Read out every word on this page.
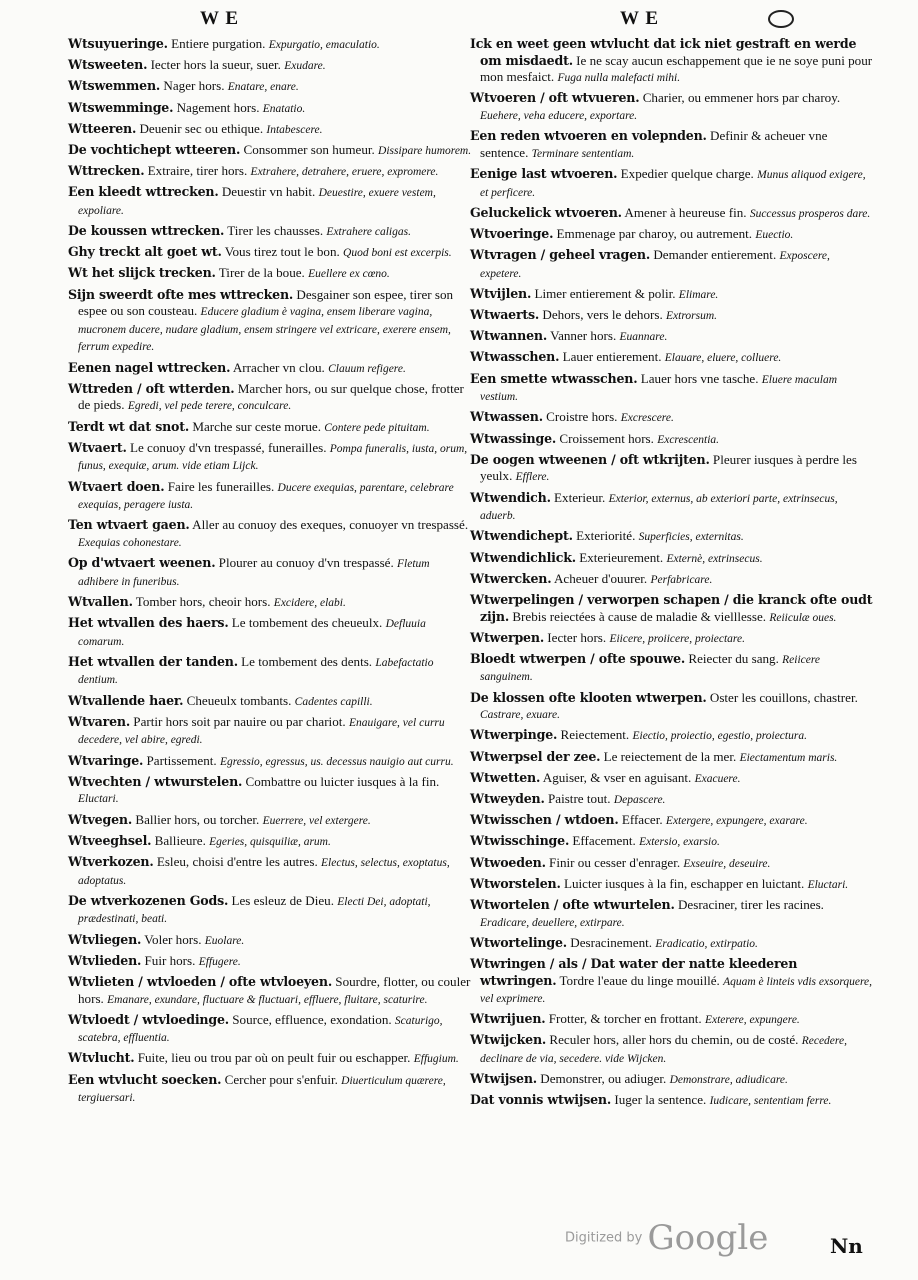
W E	W E
Wtsuyueringe. Entiere purgation. Expurgatio, emaculatio.
Wtsweeten. Iecter hors la sueur, suer. Exudare.
Wtswemmen. Nager hors. Enatare, enare.
Wtswemminge. Nagement hors. Enatatio.
Wtteeren. Deuenir sec ou ethique. Intabescere.
De vochtichept wtteeren. Consommer son humeur. Dissipare humorem.
Wttrecken. Extraire, tirer hors. Extrahere, detrahere, eruere, expromere.
Een kleedt wttrecken. Deuestir vn habit. Deuestire, exuere vestem, expoliare.
De koussen wttrecken. Tirer les chausses. Extrahere caligas.
Ghy treckt alt goet wt. Vous tirez tout le bon. Quod boni est excerpis.
Wt het slijck trecken. Tirer de la boue. Euellere ex cœno.
Sijn sweerdt ofte mes wttrecken. Desgainer son espee, tirer son espee ou son cousteau. Educere gladium è vagina, ensem liberare vagina, mucronem ducere, nudare gladium, ensem stringere vel extricare, exerere ensem, ferrum expedire.
Eenen nagel wttrecken. Arracher vn clou. Clauum refigere.
Wttreden / oft wtterden. Marcher hors, ou sur quelque chose, frotter de pieds. Egredi, vel pede terere, conculcare.
Terdt wt dat snot. Marche sur ceste morue. Contere pede pituitam.
Wtvaert. Le conuoy d'vn trespassé, funerailles. Pompa funeralis, iusta, orum, funus, exequiæ, arum. vide etiam Lijck.
Wtvaert doen. Faire les funerailles. Ducere exequias, parentare, celebrare exequias, peragere iusta.
Ten wtvaert gaen. Aller au conuoy des exeques, conuoyer vn trespassé. Exequias cohonestare.
Op d'wtvaert weenen. Plourer au conuoy d'vn trespassé. Fletum adhibere in funeribus.
Wtvallen. Tomber hors, cheoir hors. Excidere, elabi.
Het wtvallen des haers. Le tombement des cheueulx. Defluuia comarum.
Het wtvallen der tanden. Le tombement des dents. Labefactatio dentium.
Wtvallende haer. Cheueulx tombants. Cadentes capilli.
Wtvaren. Partir hors soit par nauire ou par chariot. Enauigare, vel curru decedere, vel abire, egredi.
Wtvaringe. Partissement. Egressio, egressus, us. decessus nauigio aut curru.
Wtvechten / wtwurstelen. Combattre ou luicter iusques à la fin. Eluctari.
Wtvegen. Ballier hors, ou torcher. Euerrere, vel extergere.
Wtveeghsel. Ballieure. Egeries, quisquiliæ, arum.
Wtverkozen. Esleu, choisi d'entre les autres. Electus, selectus, exoptatus, adoptatus.
De wtverkozenen Gods. Les esleuz de Dieu. Electi Dei, adoptati, prædestinati, beati.
Wtvliegen. Voler hors. Euolare.
Wtvlieden. Fuir hors. Effugere.
Wtvlieten / wtvloeden / ofte wtvloeyen. Sourdre, flotter, ou couler hors. Emanare, exundare, fluctuare & fluctuari, effluere, fluitare, scaturire.
Wtvloedt / wtvloedinge. Source, effluence, exondation. Scaturigo, scatebra, effluentia.
Wtvlucht. Fuite, lieu ou trou par où on peult fuir ou eschapper. Effugium.
Een wtvlucht soecken. Cercher pour s'enfuir. Diuerticulum quærere, tergiuersari.
Ick en weet geen wtvlucht dat ick niet gestraft en werde om misdaedt. Ie ne scay aucun eschappement que ie ne soye puni pour mon mesfaict. Fuga nulla malefacti mihi.
Wtvoeren / oft wtvueren. Charier, ou emmener hors par charoy. Euehere, veha educere, exportare.
Een reden wtvoeren en volepnden. Definir & acheuer vne sentence. Terminare sententiam.
Eenige last wtvoeren. Expedier quelque charge. Munus aliquod exigere, et perficere.
Geluckelick wtvoeren. Amener à heureuse fin. Successus prosperos dare.
Wtvoeringe. Emmenage par charoy, ou autrement. Euectio.
Wtvragen / geheel vragen. Demander entierement. Exposcere, expetere.
Wtvijlen. Limer entierement & polir. Elimare.
Wtwaerts. Dehors, vers le dehors. Extrorsum.
Wtwannen. Vanner hors. Euannare.
Wtwasschen. Lauer entierement. Elauare, eluere, colluere.
Een smette wtwasschen. Lauer hors vne tasche. Eluere maculam vestium.
Wtwassen. Croistre hors. Excrescere.
Wtwassinge. Croissement hors. Excrescentia.
De oogen wtweenen / oft wtkrijten. Pleurer iusques à perdre les yeulx. Efflere.
Wtwendich. Exterieur. Exterior, externus, ab exteriori parte, extrinsecus, aduerb.
Wtwendichept. Exteriorité. Superficies, externitas.
Wtwendichlick. Exterieurement. Externè, extrinsecus.
Wtwercken. Acheuer d'ouurer. Perfabricare.
Wtwerpelingen / verworpen schapen / die kranck ofte oudt zijn. Brebis reiectées à cause de maladie & vielllesse. Reiiculæ oues.
Wtwerpen. Iecter hors. Eiicere, proiicere, proiectare.
Bloedt wtwerpen / ofte spouwe. Reiecter du sang. Reiicere sanguinem.
De klossen ofte klooten wtwerpen. Oster les couillons, chastrer. Castrare, exuare.
Wtwerpinge. Reiectement. Eiectio, proiectio, egestio, proiectura.
Wtwerpsel der zee. Le reiectement de la mer. Eiectamentum maris.
Wtwetten. Aguiser, & vser en aguisant. Exacuere.
Wtweyden. Paistre tout. Depascere.
Wtwisschen / wtdoen. Effacer. Extergere, expungere, exarare.
Wtwisschinge. Effacement. Extersio, exarsio.
Wtwoeden. Finir ou cesser d'enrager. Exseuire, deseuire.
Wtworstelen. Luicter iusques à la fin, eschapper en luictant. Eluctari.
Wtwortelen / ofte wtwurtelen. Desraciner, tirer les racines. Eradicare, deuellere, extirpare.
Wtwortelinge. Desracinement. Eradicatio, extirpatio.
Wtwringen / als / Dat water der natte kleederen wtwringen. Tordre l'eaue du linge mouillé. Aquam è linteis vdis exsorquere, vel exprimere.
Wtwrijuen. Frotter, & torcher en frottant. Exterere, expungere.
Wtwijcken. Reculer hors, aller hors du chemin, ou de costé. Recedere, declinare de via, secedere. vide Wijcken.
Wtwijsen. Demonstrer, ou adiuger. Demonstrare, adiudicare.
Dat vonnis wtwijsen. Iuger la sentence. Iudicare, sententiam ferre.
Digitized by Google	Nn
